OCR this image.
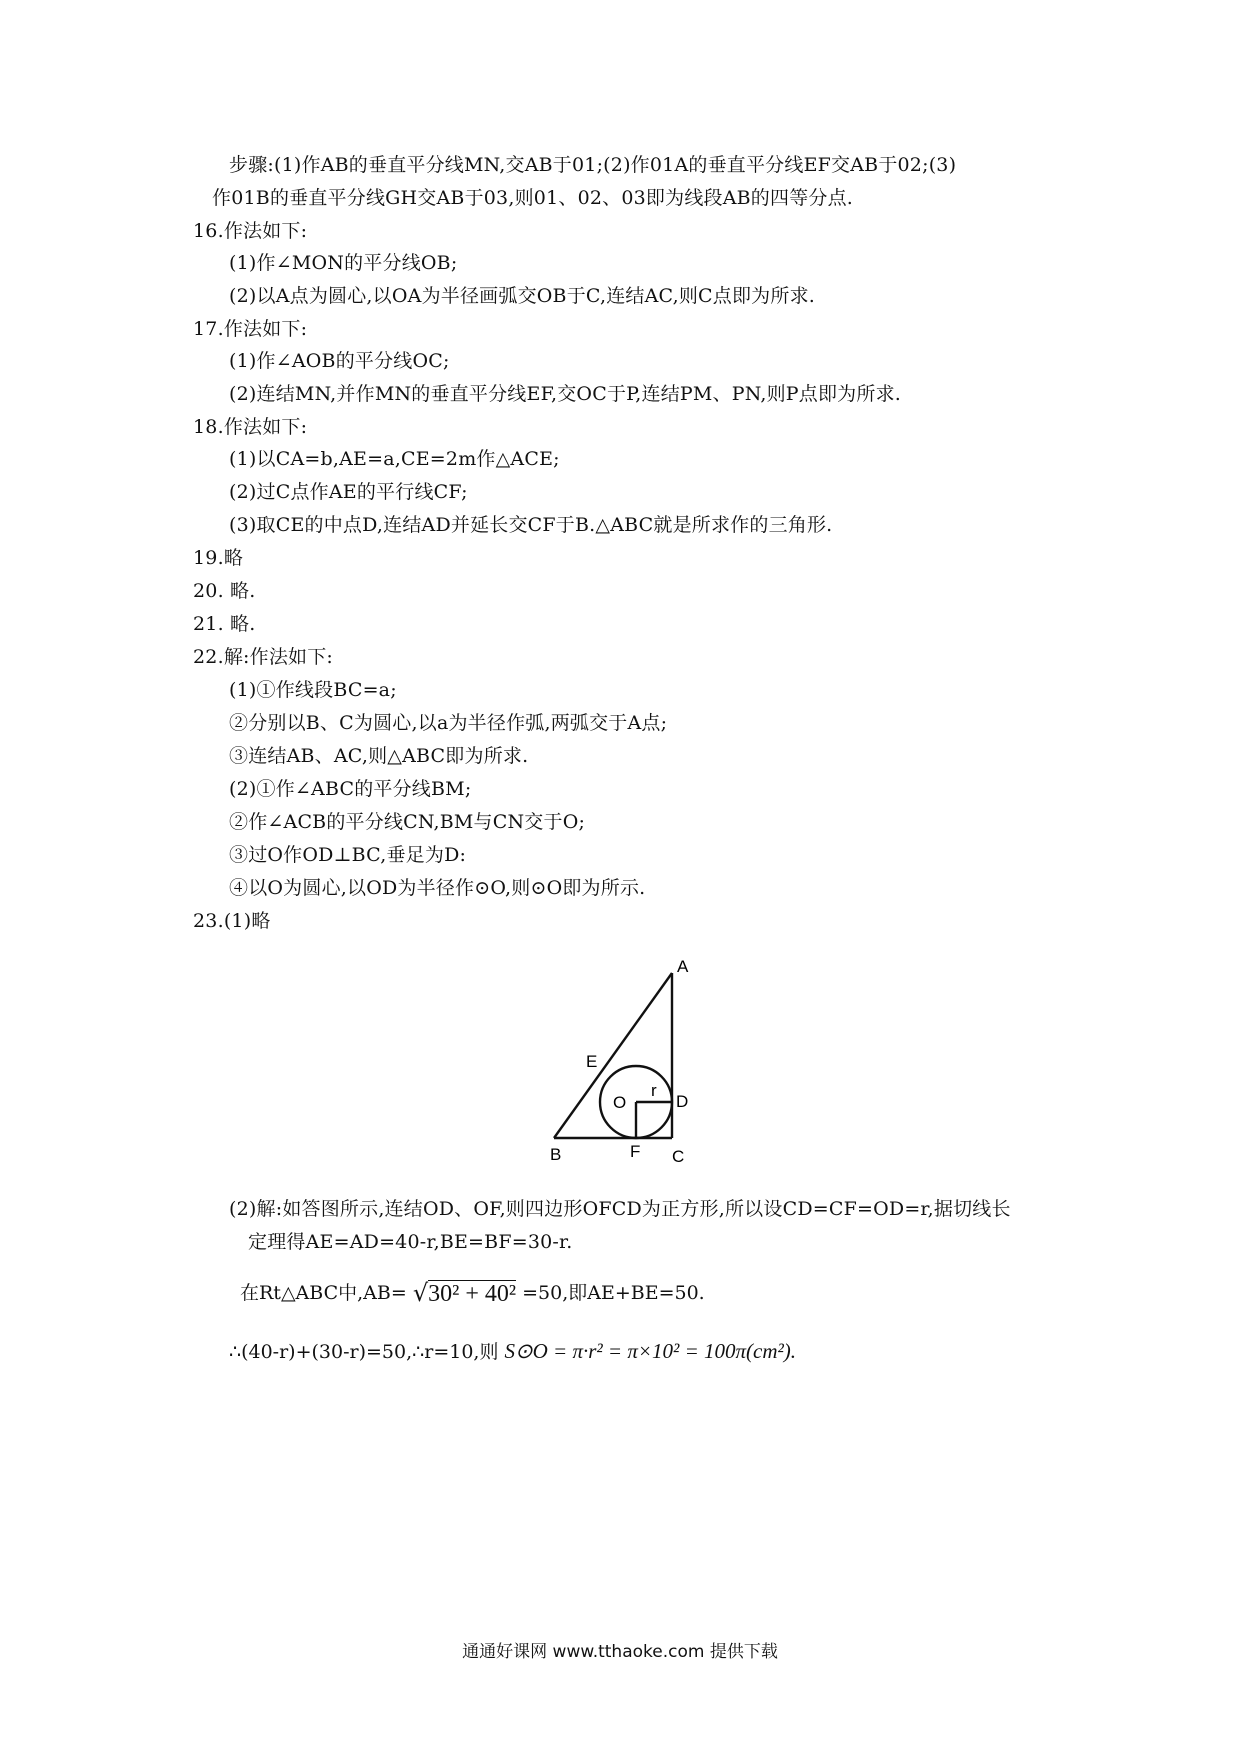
步骤:(1)作AB的垂直平分线MN,交AB于01;(2)作01A的垂直平分线EF交AB于02;(3)
作01B的垂直平分线GH交AB于03,则01、02、03即为线段AB的四等分点.
16.作法如下:
(1)作∠MON的平分线OB;
(2)以A点为圆心,以OA为半径画弧交OB于C,连结AC,则C点即为所求.
17.作法如下:
(1)作∠AOB的平分线OC;
(2)连结MN,并作MN的垂直平分线EF,交OC于P,连结PM、PN,则P点即为所求.
18.作法如下:
(1)以CA=b,AE=a,CE=2m作△ACE;
(2)过C点作AE的平行线CF;
(3)取CE的中点D,连结AD并延长交CF于B.△ABC就是所求作的三角形.
19.略
20. 略.
21. 略.
22.解:作法如下:
(1)①作线段BC=a;
②分别以B、C为圆心,以a为半径作弧,两弧交于A点;
③连结AB、AC,则△ABC即为所求.
(2)①作∠ABC的平分线BM;
②作∠ACB的平分线CN,BM与CN交于O;
③过O作OD⊥BC,垂足为D:
④以O为圆心,以OD为半径作⊙O,则⊙O即为所示.
23.(1)略
A
E
r
O	D
B	F C
(2)解:如答图所示,连结OD、OF,则四边形OFCD为正方形,所以设CD=CF=OD=r,据切线长
定理得AE=AD=40-r,BE=BF=30-r.
在Rt△ABC中,AB= √30² + 40² =50,即AE+BE=50.
∴(40-r)+(30-r)=50,∴r=10,则 S⊙O = π·r² = π×10² = 100π(cm²).
通通好课网 www.tthaoke.com 提供下载
